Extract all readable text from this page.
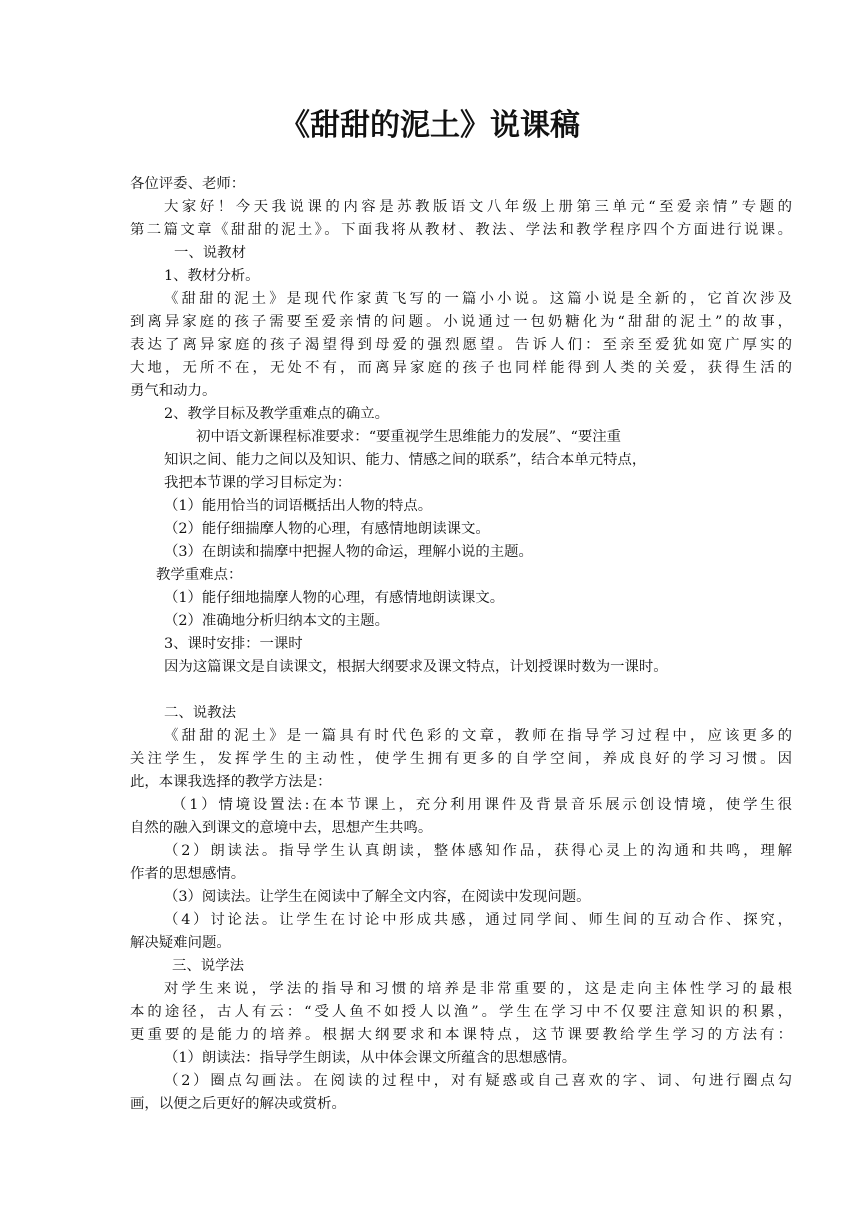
《甜甜的泥土》说课稿

各位评委、老师：

大家好！今天我说课的内容是苏教版语文八年级上册第三单元“至爱亲情”专题的

第二篇文章《甜甜的泥土》。下面我将从教材、教法、学法和教学程序四个方面进行说课。

一、说教材

1、教材分析。

《甜甜的泥土》是现代作家黄飞写的一篇小小说。这篇小说是全新的，它首次涉及

到离异家庭的孩子需要至爱亲情的问题。小说通过一包奶糖化为“甜甜的泥土”的故事，

表达了离异家庭的孩子渴望得到母爱的强烈愿望。告诉人们：至亲至爱犹如宽广厚实的

大地，无所不在，无处不有，而离异家庭的孩子也同样能得到人类的关爱，获得生活的

勇气和动力。

2、教学目标及教学重难点的确立。

初中语文新课程标准要求：“要重视学生思维能力的发展”、“要注重

知识之间、能力之间以及知识、能力、情感之间的联系”，结合本单元特点，

我把本节课的学习目标定为：

（1）能用恰当的词语概括出人物的特点。

（2）能仔细揣摩人物的心理，有感情地朗读课文。

（3）在朗读和揣摩中把握人物的命运，理解小说的主题。

教学重难点：

（1）能仔细地揣摩人物的心理，有感情地朗读课文。

（2）准确地分析归纳本文的主题。

3、课时安排：一课时

因为这篇课文是自读课文，根据大纲要求及课文特点，计划授课时数为一课时。

二、说教法

《甜甜的泥土》是一篇具有时代色彩的文章，教师在指导学习过程中，应该更多的

关注学生，发挥学生的主动性，使学生拥有更多的自学空间，养成良好的学习习惯。因

此，本课我选择的教学方法是：

（1）情境设置法:在本节课上，充分利用课件及背景音乐展示创设情境，使学生很

自然的融入到课文的意境中去，思想产生共鸣。

（2）朗读法。指导学生认真朗读，整体感知作品，获得心灵上的沟通和共鸣，理解

作者的思想感情。

（3）阅读法。让学生在阅读中了解全文内容，在阅读中发现问题。

（4）讨论法。让学生在讨论中形成共感，通过同学间、师生间的互动合作、探究，

解决疑难问题。

三、说学法

对学生来说，学法的指导和习惯的培养是非常重要的，这是走向主体性学习的最根

本的途径，古人有云：“受人鱼不如授人以渔”。学生在学习中不仅要注意知识的积累，

更重要的是能力的培养。根据大纲要求和本课特点，这节课要教给学生学习的方法有：

（1）朗读法：指导学生朗读，从中体会课文所蕴含的思想感情。

（2）圈点勾画法。在阅读的过程中，对有疑惑或自己喜欢的字、词、句进行圈点勾

画，以便之后更好的解决或赏析。
